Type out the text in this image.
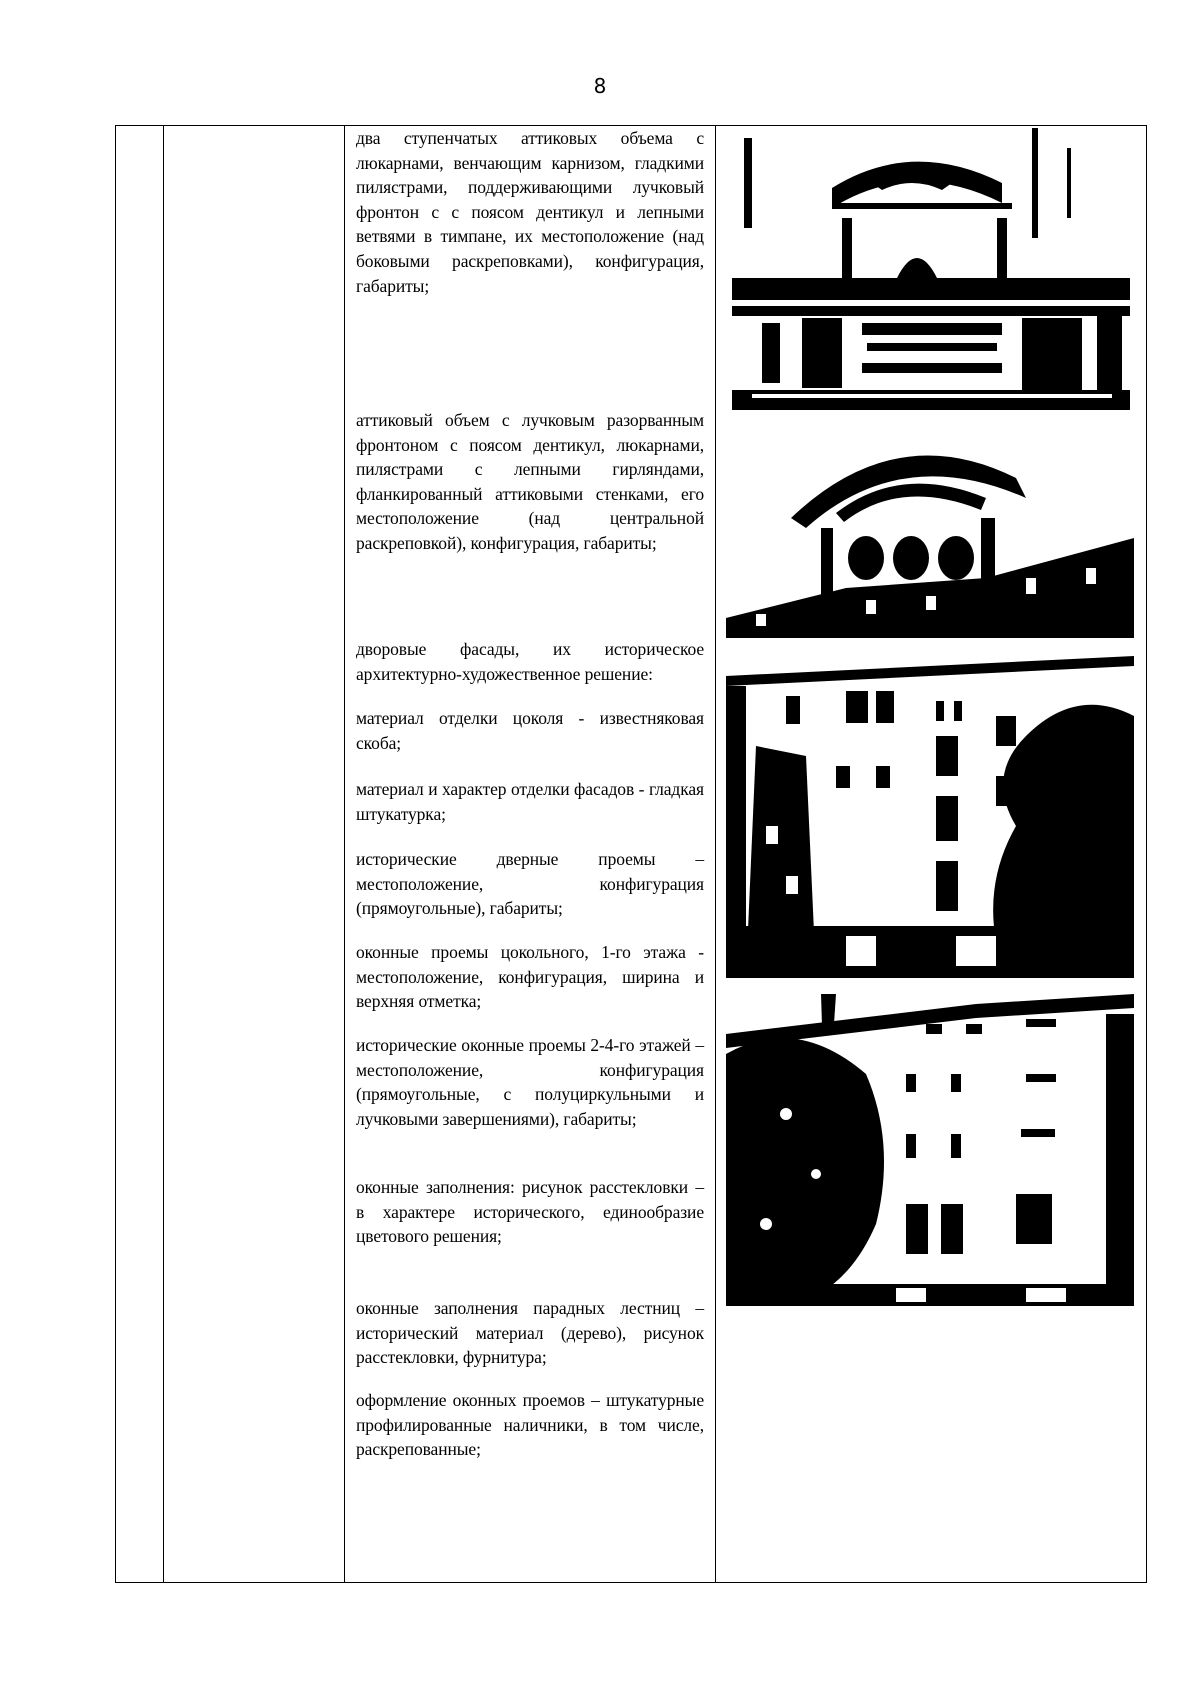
8

два ступенчатых аттиковых объема с люкарнами, венчающим карнизом, гладкими пилястрами, поддерживающими лучковый фронтон с с поясом дентикул и лепными ветвями в тимпане, их местоположение (над боковыми раскреповками), конфигурация, габариты;
аттиковый объем с лучковым разорванным фронтоном с поясом дентикул, люкарнами, пилястрами с лепными гирляндами, фланкированный аттиковыми стенками, его местоположение (над центральной раскреповкой), конфигурация, габариты;
дворовые фасады, их историческое архитектурно-художественное решение:
материал отделки цоколя - известняковая скоба;
материал и характер отделки фасадов - гладкая штукатурка;
исторические дверные проемы – местоположение, конфигурация (прямоугольные), габариты;
оконные проемы цокольного, 1-го этажа - местоположение, конфигурация, ширина и верхняя отметка;
исторические оконные проемы 2-4-го этажей – местоположение, конфигурация (прямоугольные, с полуциркульными и лучковыми завершениями), габариты;
оконные заполнения: рисунок расстекловки – в характере исторического, единообразие цветового решения;
оконные заполнения парадных лестниц – исторический материал (дерево), рисунок расстекловки, фурнитура;
оформление оконных проемов – штукатурные профилированные наличники, в том числе, раскрепованные;
